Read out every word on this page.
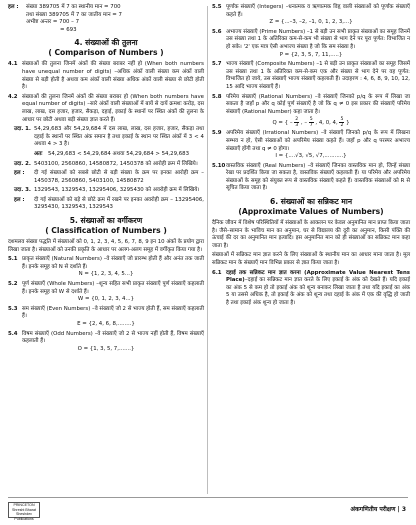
हल : संख्या 389705 में 7 का स्थानीय मान = 700
तथा संख्या 389705 में 7 का जातीय मान = 7
अभीष्ट अन्तर = 700 – 7
= 693
4. संख्याओं की तुलना
( Comparison of Numbers )
4.1 संख्याओं की तुलना जिनमें अंकों की संख्या बराबर नहीं हो (When both numbers have unequal number of digits) –अधिक अंकों वाली संख्या कम अंकों वाली संख्या से बड़ी होती है अथवा कम अंकों वाली संख्या अधिक अंकों वाली संख्या से छोटी होती है।
4.2 संख्याओं की तुलना जिनमें अंकों की संख्या बराबर हो (When both numbers have equal number of digits) –सारे अंकों वाली संख्याओं में बायें से दायें क्रमशः करोड़, दस लाख, लाख, दस हजार, हजार, सैकड़ा, दहाई, इकाई के स्थानों पर स्थित अंकों की तुलना के आधार पर छोटी अथवा बड़ी संख्या ज्ञात करते हैं।
उदा. 1. 54,29,683 और 54,29,684 में दस लाख, लाख, दस हजार, हजार, सैकड़ा तथा दहाई के स्थानों पर स्थित अंक समान है तथा इकाई के स्थान पर स्थित अंकों में 3 < 4 अथवा 4 > 3 है।
अतः	54,29,683 < 54,29,684 अथवा 54,29,684 > 54,29,683
उदा. 2. 5403100, 2560860, 14580872, 1450378 को आरोही क्रम में लिखिये।
हल :	दी गई संख्याओं को सबसे छोटी से बड़ी संख्या के क्रम पर इनका आरोही क्रम – 1450378, 2560860, 5403100, 14580872
उदा. 3. 1329543, 1329543, 13295406, 3295430 को अवरोही क्रम में लिखिये।
हल :	दी गई संख्याओं को बड़े से छोटे क्रम में रखने पर इनका अवरोही क्रम – 13295406, 3295430, 1329543, 1329543
5. संख्याओं का वर्गीकरण
( Classification of Numbers )
दशमलव संख्या पद्धति में संख्याओं को 0, 1, 2, 3, 4, 5, 6, 7, 8, 9 इन 10 अंकों के प्रयोग द्वारा लिखा जाता है। संख्याओं को उनकी प्रकृति के आधार पर अलग-अलग समूह में वर्गीकृत किया गया है।
5.1 प्राकृत संख्याएँ (Natural Numbers) –वे संख्याएँ जो प्रारम्भ होती हैं और अनंत तक जाती हैं। इनके समूह को N से दर्शाते हैं।
N = {1, 2, 3, 4, 5...}
5.2 पूर्ण संख्याएँ (Whole Numbers) –शून्य सहित सभी प्राकृत संख्याएँ पूर्ण संख्याएँ कहलाती हैं। इनके समूह को W से दर्शाते हैं।
W = {0, 1, 2, 3, 4...}
5.3 सम संख्याएँ (Even Numbers) –वे संख्याएँ जो 2 से भाज्य होती हैं, सम संख्याएँ कहलाती हैं।
E = {2, 4, 6, 8,........}
5.4 विषम संख्याएँ (Odd Numbers) –वे संख्याएँ जो 2 से भाज्य नहीं होती हैं, विषम संख्याएँ कहलाती हैं।
O = {1, 3, 5, 7,.......}
5.5 पूर्णांक संख्याएँ (Integers) –धनात्मक व ऋणात्मक विहृ वाली संख्याओं को पूर्णांक संख्याएँ कहते हैं।
Z = {...–3, –2, –1, 0, 1, 2, 3,...}
5.6 अभाज्य संख्याएँ (Prime Numbers) –1 से बड़ी उन सभी प्राकृत संख्याओं का समूह जिनमें उस संख्या तथा 1 के अतिरिक्त कम-से-कम भी संख्या से भाग देने पर पूरा पूर्णत: विभाजित न हो सके। '2' एक मात्र ऐसी अभाज्य संख्या है जो कि सम संख्या है।
P = {2, 3, 5, 7, 11,.....}
5.7 भाज्य संख्याएँ (Composite Numbers) –1 से बड़ी उन प्राकृत संख्याओं का समूह जिसमें उस संख्या तथा 1 के अतिरिक्त कम-से-कम एक और संख्या से भाग देने पर वह पूर्णत: विभाजित हो जाये, उस संख्याएँ भाज्य संख्याएँ कहलाती हैं। उदाहरण : 4, 6, 8, 9, 10, 12, 15 आदि भाज्य संख्याएँ हैं।
5.8 परिमेय संख्याएँ (Rational Numbers) –वे संख्याएँ जिनको p/q के रूप में लिखा जा सकता है जहाँ p और q कोई पूर्ण संख्याएँ है जो कि q ≠ 0 इस प्रकार की संख्याएँ परिमेय संख्याएँ (Rational Number) कहा जाता है।
Q = { – $\frac{2}{3}$ , – $\frac{5}{7}$ , 4, 0, 4, $\frac{5}{2}$ }
5.9 अपरिमेय संख्याएँ (Irrational Numbers) –वे संख्याएँ जिनको p/q के रूप में लिखना सम्भव न हो, ऐसी संख्याओं को अपरिमेय संख्या कहते हैं। जहाँ p और q परस्पर अभाज्य संख्याएँ होंगी तथा q ≠ 0 होगा।
I = {....√3, √5, √7,...........}
5.10 वास्तविक संख्याएँ (Real Numbers) –वे संख्याएँ जिनका वास्तविक मान हो, जिन्हें संख्या रेखा पर प्रदर्शित किया जा सकता है, वास्तविक संख्याएँ कहलाती हैं। या परिमेय और अपरिमेय संख्याओं के समूह को संयुक्त रूप से वास्तविक संख्याएँ कहते हैं। वास्तविक संख्याओं को R से सूचित किया जाता है।
6. संख्याओं का सन्निकट मान
(Approximate Values of Numbers)
दैनिक जीवन में विशेष परिस्थितियों में संख्याओं के आकलन पर केवल अनुमानित मान प्राप्त किया जाता है। जैसे–सामान के भाविच मान का अनुमान, घर से विद्यालय की दूरी का अनुमान, किसी पंक्ति की ऊंचाई की दर का अनुमानित मान इत्यादि। इस अनुमानित मान को ही संख्याओं का सन्निकट मान कहा जाता है।
संख्याओं में सन्निकट मान ज्ञात करने के लिए संख्याओं के स्थानीय मान का आधार माना जाता है। मूल सन्निकट मान के संख्याएँ मान विभिन्न प्रकार से ज्ञात किया जाता है।
6.1 दहाई तक सन्निकट मान ज्ञात करना (Approximate Value Nearest Tens Place)–दहाई का सन्निकट मान ज्ञात करते के लिए इकाई के अंक को देखते हैं। यदि इकाई का अंक 5 से कम हो तो इकाई अंक को शून्य बनाकर लिखा जाता है तथा यदि इकाई का अंक 5 या उससे अधिक है, तो इकाई के अंक को शून्य तथा दहाई के अंक में एक की वृद्धि हो जाती है तथा इकाई अंक शून्य हो जाता है।
PRINCETON
Shresht Bharat
Sheshdev Publications
अंकगणितीय परीक्षण | 3
